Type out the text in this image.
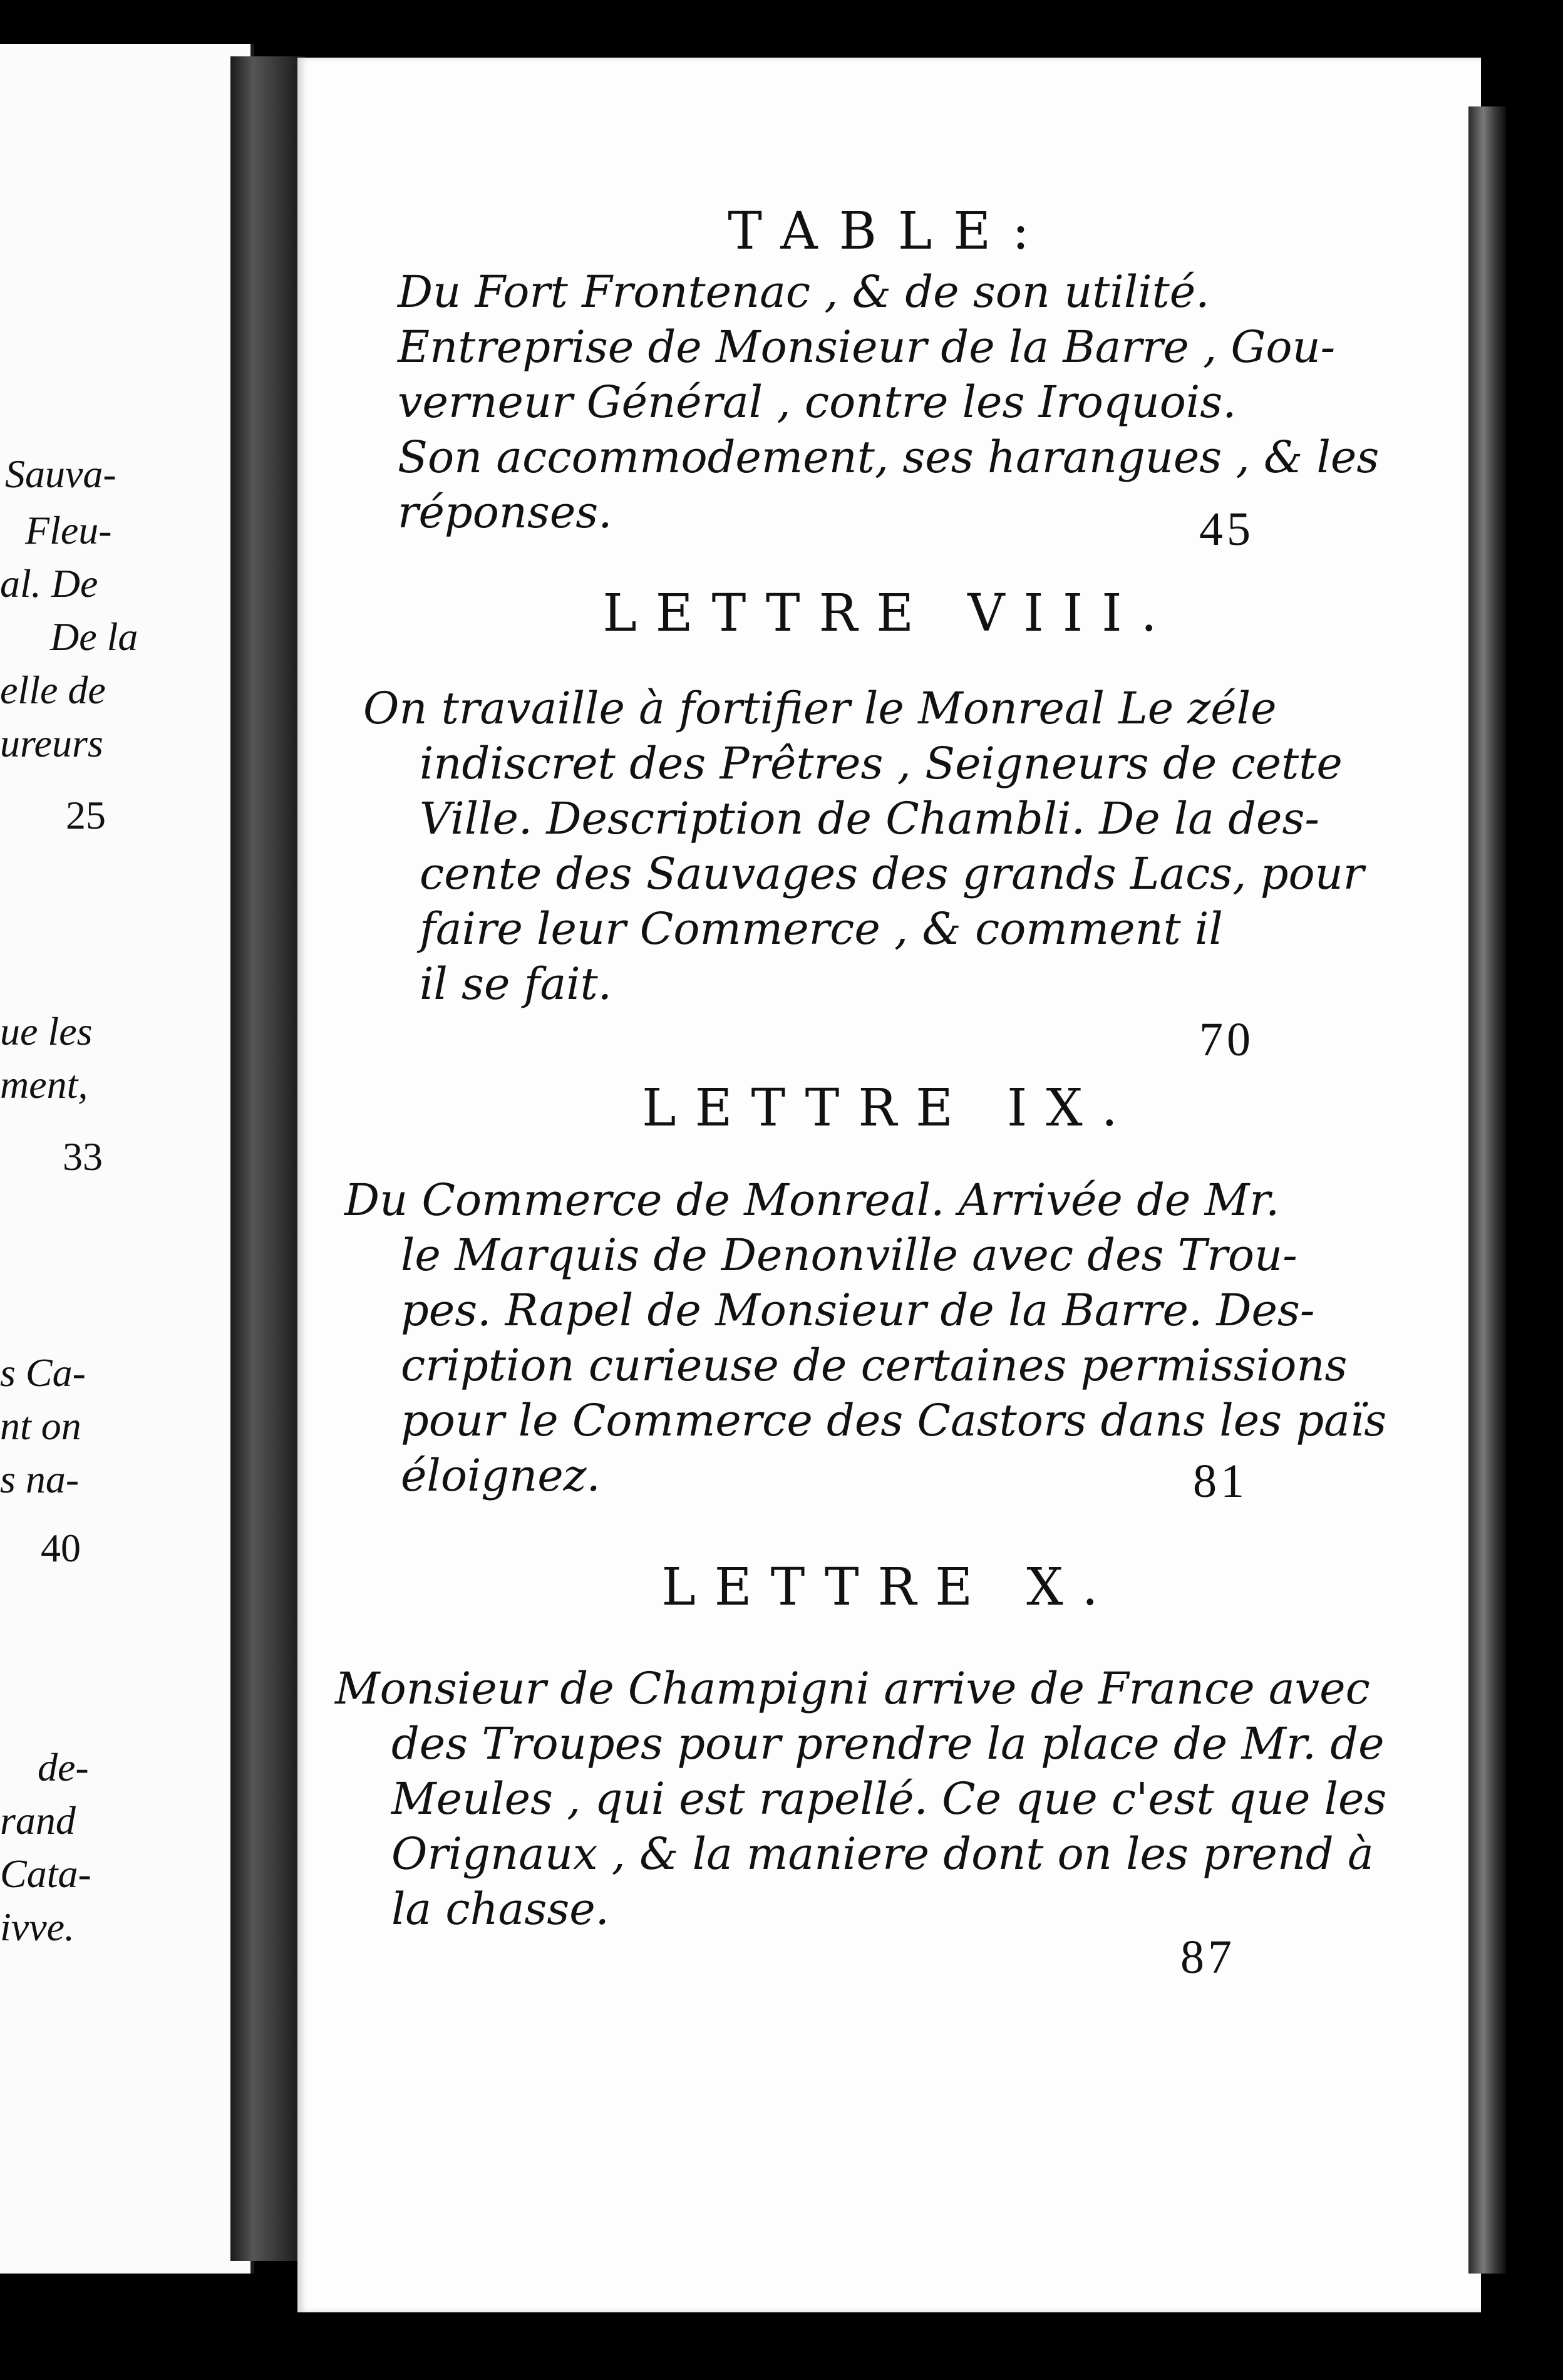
Sauva-
Fleu-
al. De
De la
elle de
ureurs
25
ue les
ment,
33
s Ca-
nt on
s na-
40
de-
rand
Cata-
ivve.
TABLE:
Du Fort Frontenac , & de son utilité.
Entreprise de Monsieur de la Barre , Gou-
verneur Général , contre les Iroquois.
Son accommodement, ses harangues , & les
réponses.	45
LETTRE VIII.
On travaille à fortifier le Monreal Le zéle
indiscret des Prêtres , Seigneurs de cette
Ville. Description de Chambli. De la des-
cente des Sauvages des grands Lacs, pour
faire leur Commerce , & comment il
il se fait.
70
LETTRE IX.
Du Commerce de Monreal. Arrivée de Mr.
le Marquis de Denonville avec des Trou-
pes. Rapel de Monsieur de la Barre. Des-
cription curieuse de certaines permissions
pour le Commerce des Castors dans les païs
éloignez.	81
LETTRE X.
Monsieur de Champigni arrive de France avec
des Troupes pour prendre la place de Mr. de
Meules , qui est rapellé. Ce que c'est que les
Orignaux , & la maniere dont on les prend à
la chasse.
87
